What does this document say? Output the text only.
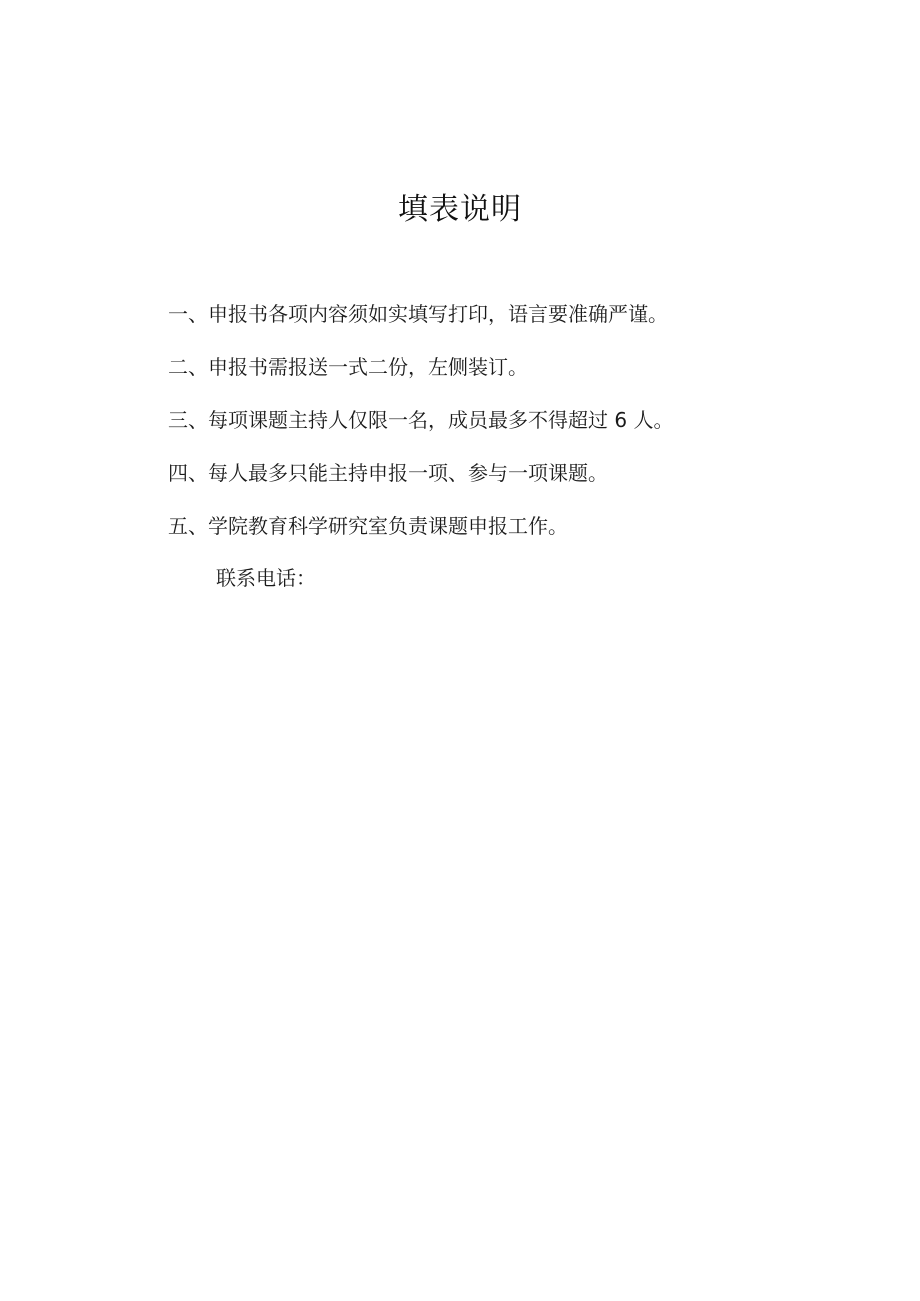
填表说明
一、申报书各项内容须如实填写打印，语言要准确严谨。
二、申报书需报送一式二份，左侧装订。
三、每项课题主持人仅限一名，成员最多不得超过 6 人。
四、每人最多只能主持申报一项、参与一项课题。
五、学院教育科学研究室负责课题申报工作。
联系电话：
